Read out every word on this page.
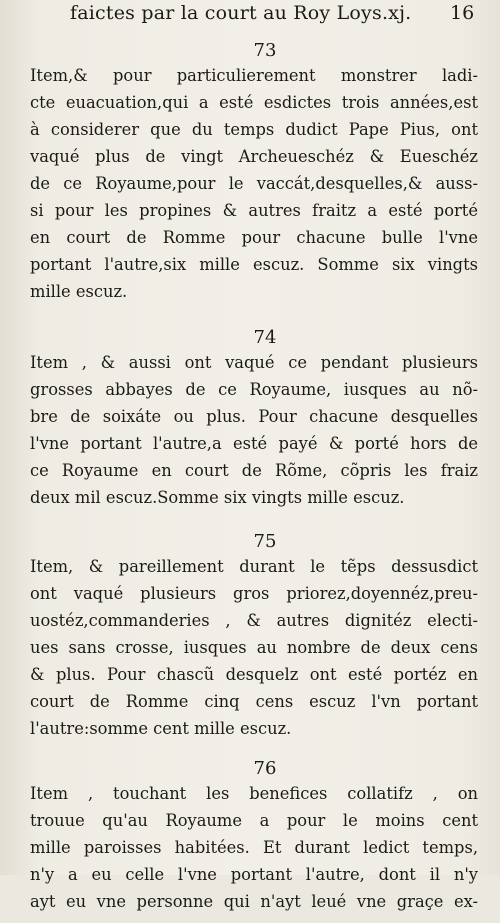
faictes par la court au Roy Loys.xj. 16
73
Item,& pour particulierement monstrer ladi-
cte euacuation,qui a esté esdictes trois années,est
à considerer que du temps dudict Pape Pius, ont
vaqué plus de vingt Archeueschéz & Eueschéz
de ce Royaume,pour le vaccát,desquelles,& auss-
si pour les propines & autres fraitz a esté porté
en court de Romme pour chacune bulle l'vne
portant l'autre,six mille escuz. Somme six vingts
mille escuz.
74
Item , & aussi ont vaqué ce pendant plusieurs
grosses abbayes de ce Royaume, iusques au nõ-
bre de soixáte ou plus. Pour chacune desquelles
l'vne portant l'autre,a esté payé & porté hors de
ce Royaume en court de Rõme, cõpris les fraiz
deux mil escuz.Somme six vingts mille escuz.
75
Item, & pareillement durant le tẽps dessusdict
ont vaqué plusieurs gros priorez,doyennéz,preu-
uostéz,commanderies , & autres dignitéz electi-
ues sans crosse, iusques au nombre de deux cens
& plus. Pour chascũ desquelz ont esté portéz en
court de Romme cinq cens escuz l'vn portant
l'autre:somme cent mille escuz.
76
Item , touchant les benefices collatifz , on
trouue qu'au Royaume a pour le moins cent
mille paroisses habitées. Et durant ledict temps,
n'y a eu celle l'vne portant l'autre, dont il n'y
ayt eu vne personne qui n'ayt leué vne graçe ex-
